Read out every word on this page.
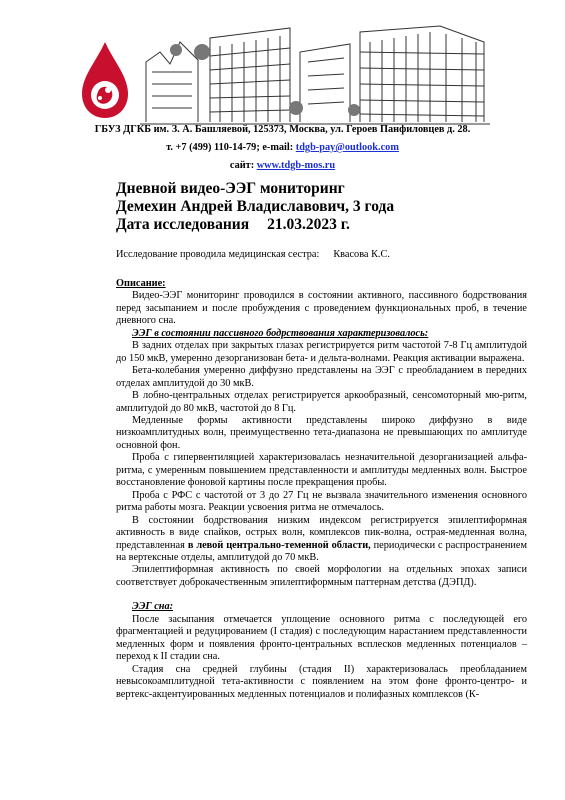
ГБУЗ ДГКБ им. З. А. Башляевой, 125373, Москва, ул. Героев Панфиловцев д. 28.
т. +7 (499) 110-14-79; e-mail: tdgb-pay@outlook.com
сайт: www.tdgb-mos.ru
Дневной видео-ЭЭГ мониторинг
Демехин Андрей Владиславович, 3 года
Дата исследования 21.03.2023 г.
Исследование проводила медицинская сестра: Квасова К.С.

Описание:

Видео-ЭЭГ мониторинг проводился в состоянии активного, пассивного бодрствования перед засыпанием и после пробуждения с проведением функциональных проб, в течение дневного сна.

ЭЭГ в состоянии пассивного бодрствования характеризовалось:

В задних отделах при закрытых глазах регистрируется ритм частотой 7-8 Гц амплитудой до 150 мкВ, умеренно дезорганизован бета- и дельта-волнами. Реакция активации выражена.

Бета-колебания умеренно диффузно представлены на ЭЭГ с преобладанием в передних отделах амплитудой до 30 мкВ.

В лобно-центральных отделах регистрируется аркообразный, сенсомоторный мю-ритм, амплитудой до 80 мкВ, частотой до 8 Гц.

Медленные формы активности представлены широко диффузно в виде низкоамплитудных волн, преимущественно тета-диапазона не превышающих по амплитуде основной фон.

Проба с гипервентиляцией характеризовалась незначительной дезорганизацией альфа-ритма, с умеренным повышением представленности и амплитуды медленных волн. Быстрое восстановление фоновой картины после прекращения пробы.

Проба с РФС с частотой от 3 до 27 Гц не вызвала значительного изменения основного ритма работы мозга. Реакции усвоения ритма не отмечалось.

В состоянии бодрствования низким индексом регистрируется эпилептиформная активность в виде спайков, острых волн, комплексов пик-волна, острая-медленная волна, представленная в левой центрально-теменной области, периодически с распространением на вертексные отделы, амплитудой до 70 мкВ.

Эпилептиформная активность по своей морфологии на отдельных эпохах записи соответствует доброкачественным эпилептиформным паттернам детства (ДЭПД).

ЭЭГ сна:

После засыпания отмечается уплощение основного ритма с последующей его фрагментацией и редуцированием (I стадия) с последующим нарастанием представленности медленных форм и появления фронто-центральных всплесков медленных потенциалов – переход к II стадии сна.

Стадия сна средней глубины (стадия II) характеризовалась преобладанием невысокоамплитудной тета-активности с появлением на этом фоне фронто-центро- и вертекс-акцентуированных медленных потенциалов и полифазных комплексов (К-
